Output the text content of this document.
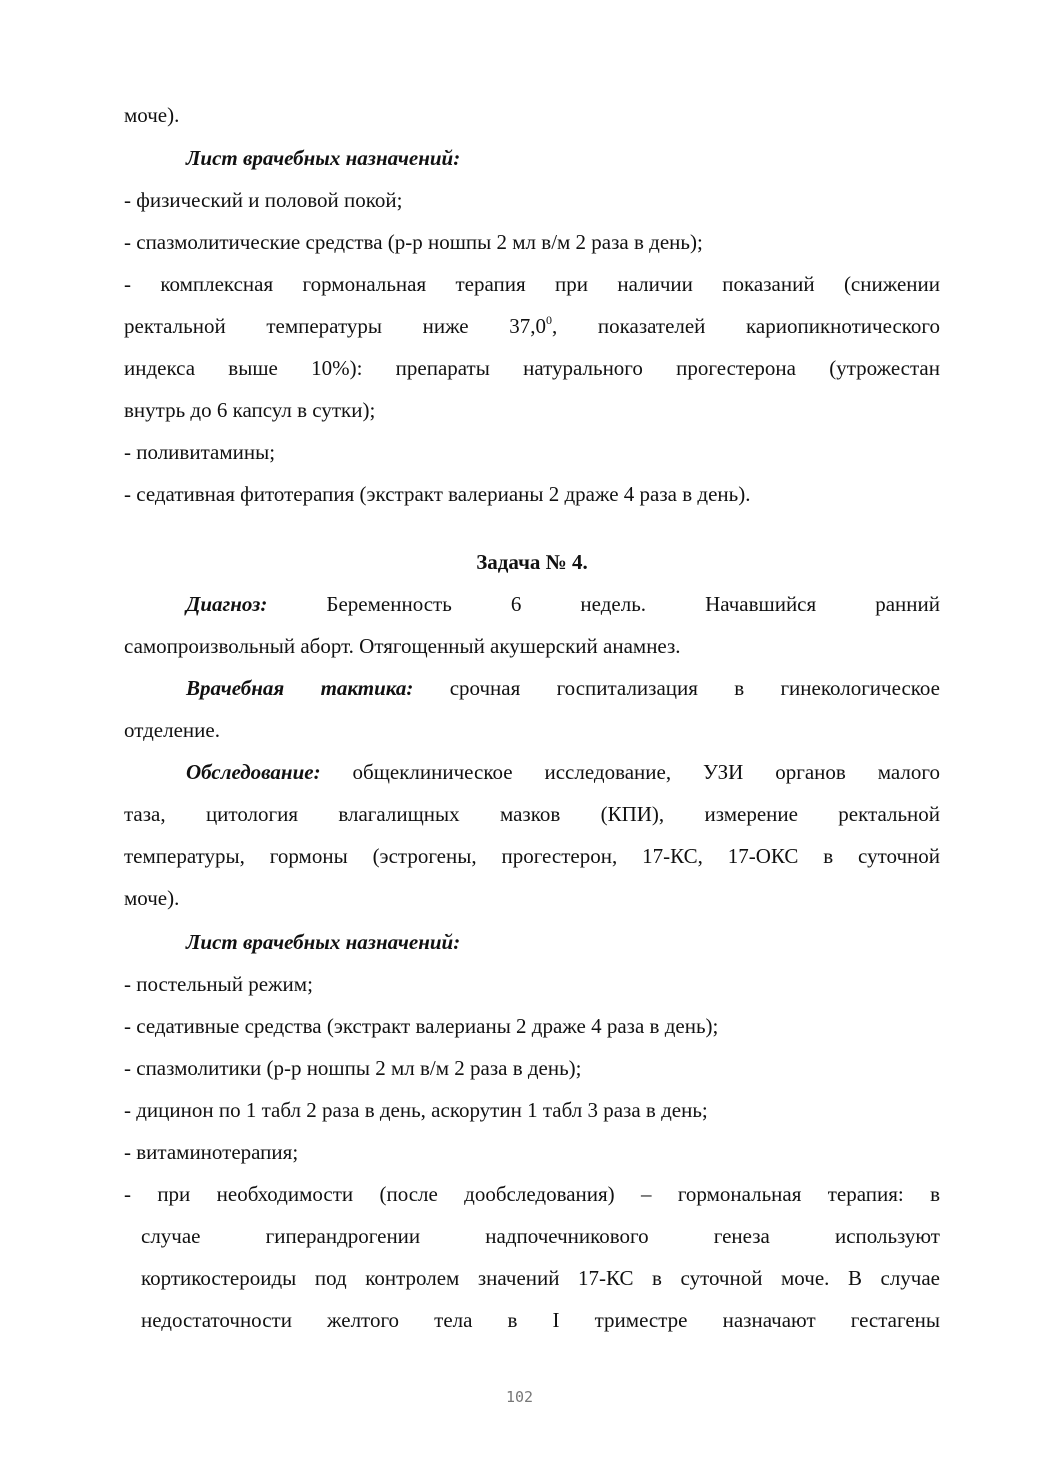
моче).
Лист врачебных назначений:
- физический и половой покой;
- спазмолитические средства (р-р ношпы 2 мл в/м 2 раза в день);
- комплексная гормональная терапия при наличии показаний (снижении
ректальной температуры ниже 37,0$^0$, показателей кариопикнотического
индекса выше 10%): препараты натурального прогестерона (утрожестан
внутрь до 6 капсул в сутки);
- поливитамины;
- седативная фитотерапия (экстракт валерианы 2 драже 4 раза в день).
Задача № 4.
Диагноз:	Беременность 6 недель. Начавшийся ранний
самопроизвольный аборт. Отягощенный акушерский анамнез.
Врачебная тактика: срочная госпитализация в гинекологическое
отделение.
Обследование: общеклиническое исследование, УЗИ органов малого
таза, цитология влагалищных мазков (КПИ), измерение ректальной
температуры, гормоны (эстрогены, прогестерон, 17-КС, 17-ОКС в суточной
моче).
Лист врачебных назначений:
- постельный режим;
- седативные средства (экстракт валерианы 2 драже 4 раза в день);
- спазмолитики (р-р ношпы 2 мл в/м 2 раза в день);
- дицинон по 1 табл 2 раза в день, аскорутин 1 табл 3 раза в день;
- витаминотерапия;
- при необходимости (после дообследования) – гормональная терапия: в
случае гиперандрогении надпочечникового генеза используют
кортикостероиды под контролем значений 17-КС в суточной моче. В случае
недостаточности желтого тела в I триместре назначают гестагены
102
